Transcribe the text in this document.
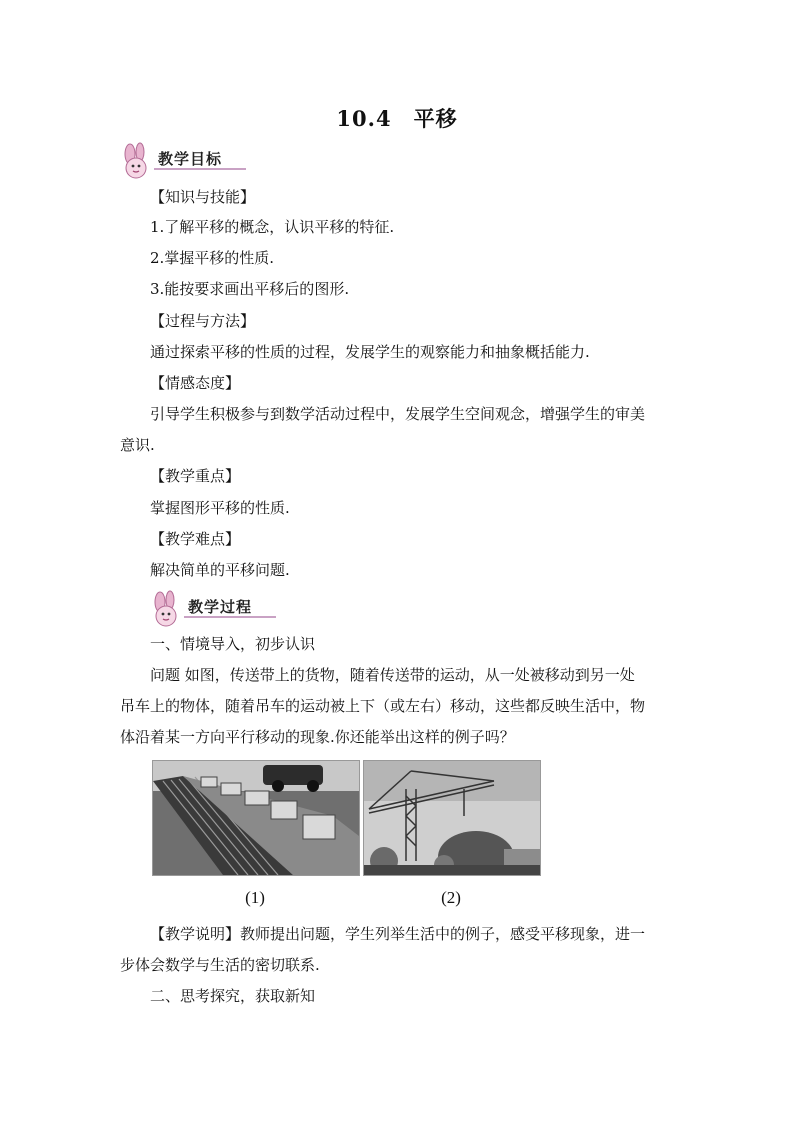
10.4　平移
教学目标
【知识与技能】
1.了解平移的概念，认识平移的特征.
2.掌握平移的性质.
3.能按要求画出平移后的图形.
【过程与方法】
通过探索平移的性质的过程，发展学生的观察能力和抽象概括能力.
【情感态度】
引导学生积极参与到数学活动过程中，发展学生空间观念，增强学生的审美
意识.
【教学重点】
掌握图形平移的性质.
【教学难点】
解决简单的平移问题.
教学过程
一、情境导入，初步认识
问题 如图，传送带上的货物，随着传送带的运动，从一处被移动到另一处
吊车上的物体，随着吊车的运动被上下（或左右）移动，这些都反映生活中，物
体沿着某一方向平行移动的现象.你还能举出这样的例子吗？
(1)	(2)
【教学说明】教师提出问题，学生列举生活中的例子，感受平移现象，进一
步体会数学与生活的密切联系.
二、思考探究，获取新知
